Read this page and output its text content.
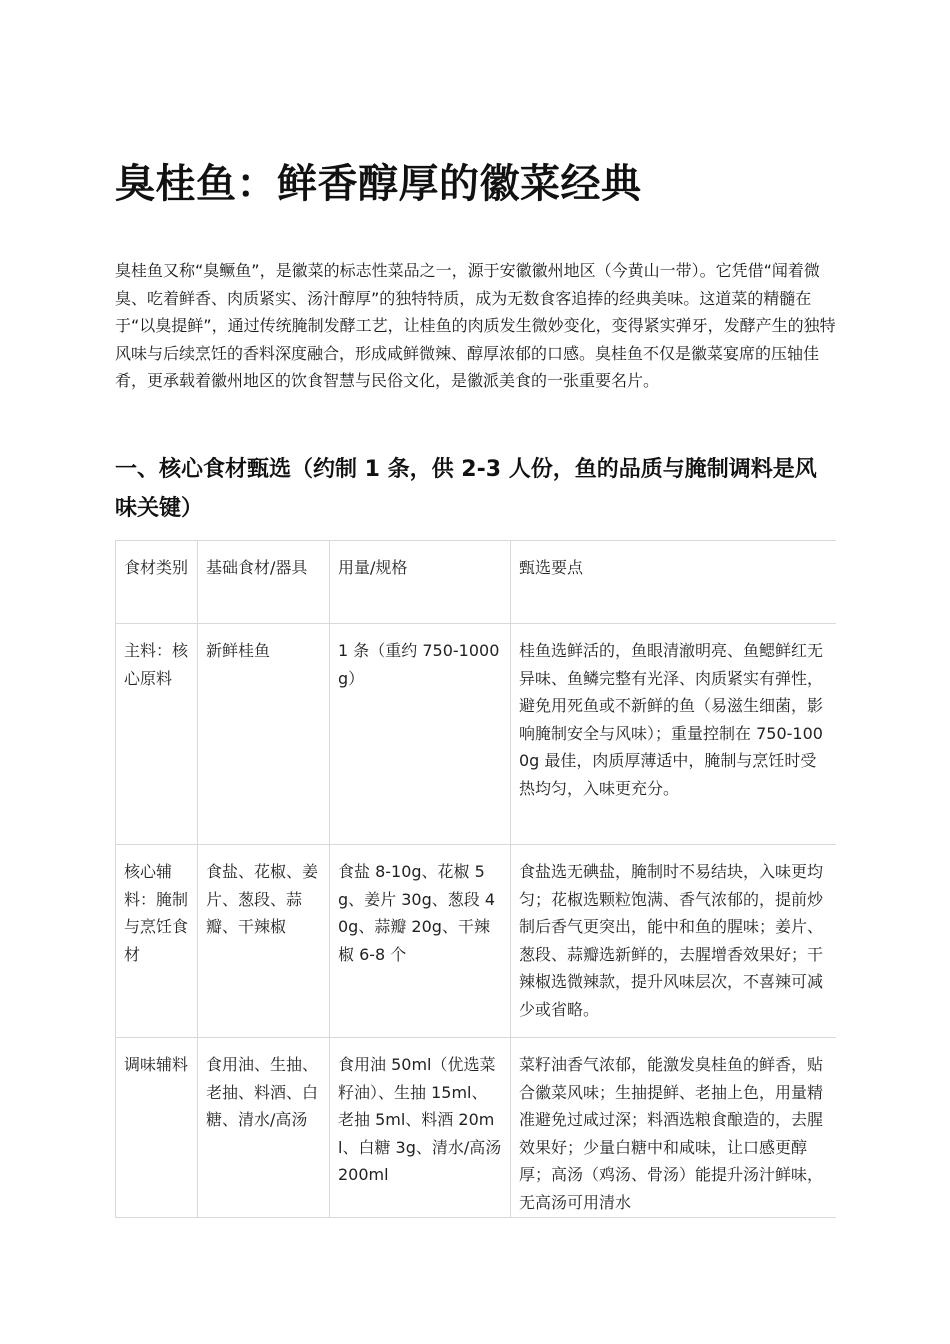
臭桂鱼：鲜香醇厚的徽菜经典

臭桂鱼又称“臭鳜鱼”，是徽菜的标志性菜品之一，源于安徽徽州地区（今黄山一带）。它凭借“闻着微臭、吃着鲜香、肉质紧实、汤汁醇厚”的独特特质，成为无数食客追捧的经典美味。这道菜的精髓在于“以臭提鲜”，通过传统腌制发酵工艺，让桂鱼的肉质发生微妙变化，变得紧实弹牙，发酵产生的独特风味与后续烹饪的香料深度融合，形成咸鲜微辣、醇厚浓郁的口感。臭桂鱼不仅是徽菜宴席的压轴佳肴，更承载着徽州地区的饮食智慧与民俗文化，是徽派美食的一张重要名片。

一、核心食材甄选（约制 1 条，供 2-3 人份，鱼的品质与腌制调料是风味关键）
食材类别	基础食材/器具	用量/规格	甄选要点
主料：核心原料	新鲜桂鱼	1 条（重约 750-1000g）	桂鱼选鲜活的，鱼眼清澈明亮、鱼鳃鲜红无异味、鱼鳞完整有光泽、肉质紧实有弹性，避免用死鱼或不新鲜的鱼（易滋生细菌，影响腌制安全与风味）；重量控制在 750-1000g 最佳，肉质厚薄适中，腌制与烹饪时受热均匀，入味更充分。
核心辅料：腌制与烹饪食材	食盐、花椒、姜片、葱段、蒜瓣、干辣椒	食盐 8-10g、花椒 5g、姜片 30g、葱段 40g、蒜瓣 20g、干辣椒 6-8 个	食盐选无碘盐，腌制时不易结块，入味更均匀；花椒选颗粒饱满、香气浓郁的，提前炒制后香气更突出，能中和鱼的腥味；姜片、葱段、蒜瓣选新鲜的，去腥增香效果好；干辣椒选微辣款，提升风味层次，不喜辣可减少或省略。
调味辅料	食用油、生抽、老抽、料酒、白糖、清水/高汤	食用油 50ml（优选菜籽油）、生抽 15ml、老抽 5ml、料酒 20ml、白糖 3g、清水/高汤 200ml	菜籽油香气浓郁，能激发臭桂鱼的鲜香，贴合徽菜风味；生抽提鲜、老抽上色，用量精准避免过咸过深；料酒选粮食酿造的，去腥效果好；少量白糖中和咸味，让口感更醇厚；高汤（鸡汤、骨汤）能提升汤汁鲜味，无高汤可用清水
